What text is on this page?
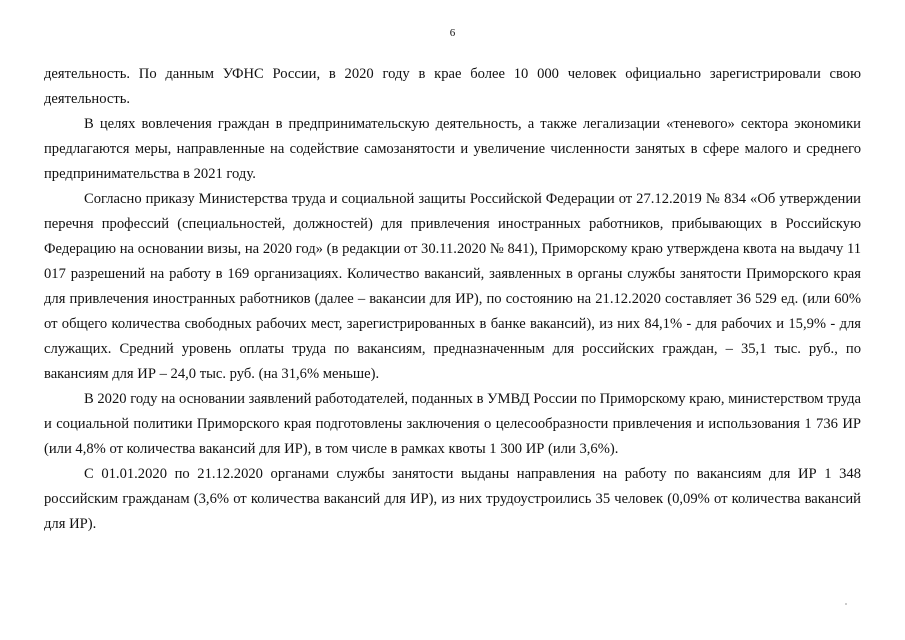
6

деятельность. По данным УФНС России, в 2020 году в крае более 10 000 человек официально зарегистрировали свою деятельность.

В целях вовлечения граждан в предпринимательскую деятельность, а также легализации «теневого» сектора экономики предлагаются меры, направленные на содействие самозанятости и увеличение численности занятых в сфере малого и среднего предпринимательства в 2021 году.

Согласно приказу Министерства труда и социальной защиты Российской Федерации от 27.12.2019 № 834 «Об утверждении перечня профессий (специальностей, должностей) для привлечения иностранных работников, прибывающих в Российскую Федерацию на основании визы, на 2020 год» (в редакции от 30.11.2020 № 841), Приморскому краю утверждена квота на выдачу 11 017 разрешений на работу в 169 организациях. Количество вакансий, заявленных в органы службы занятости Приморского края для привлечения иностранных работников (далее – вакансии для ИР), по состоянию на 21.12.2020 составляет 36 529 ед. (или 60% от общего количества свободных рабочих мест, зарегистрированных в банке вакансий), из них 84,1% - для рабочих и 15,9% - для служащих. Средний уровень оплаты труда по вакансиям, предназначенным для российских граждан, – 35,1 тыс. руб., по вакансиям для ИР – 24,0 тыс. руб. (на 31,6% меньше).

В 2020 году на основании заявлений работодателей, поданных в УМВД России по Приморскому краю, министерством труда и социальной политики Приморского края подготовлены заключения о целесообразности привлечения и использования 1 736 ИР (или 4,8% от количества вакансий для ИР), в том числе в рамках квоты 1 300 ИР (или 3,6%).

С 01.01.2020 по 21.12.2020 органами службы занятости выданы направления на работу по вакансиям для ИР 1 348 российским гражданам (3,6% от количества вакансий для ИР), из них трудоустроились 35 человек (0,09% от количества вакансий для ИР).
